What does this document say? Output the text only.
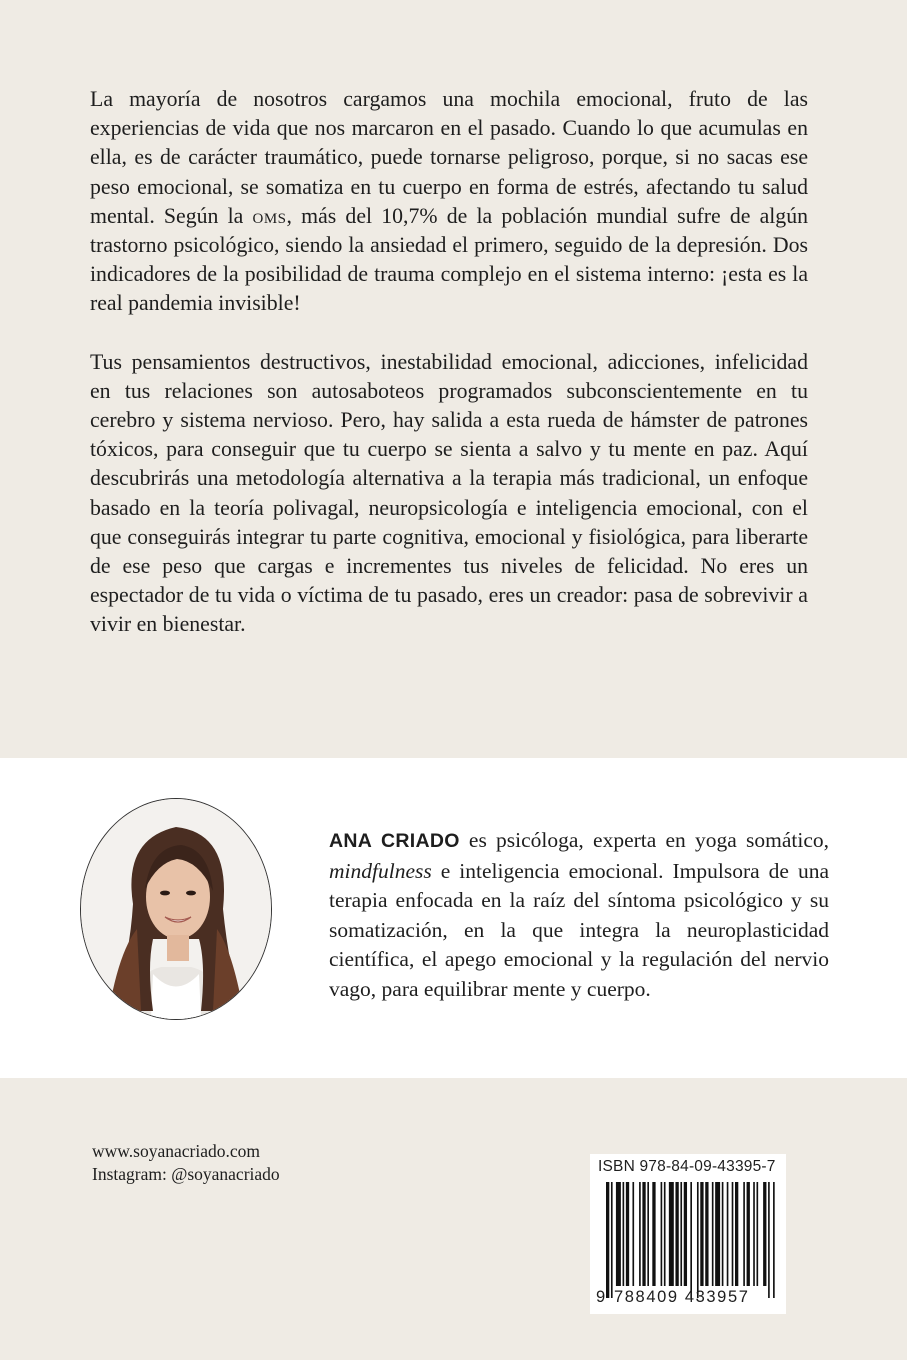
La mayoría de nosotros cargamos una mochila emocional, fruto de las experiencias de vida que nos marcaron en el pasado. Cuando lo que acumulas en ella, es de carácter traumático, puede tornarse peligroso, porque, si no sacas ese peso emocional, se somatiza en tu cuerpo en forma de estrés, afectando tu salud mental. Según la oms, más del 10,7% de la población mundial sufre de algún trastorno psicológico, siendo la ansiedad el primero, seguido de la depresión. Dos indicadores de la posibilidad de trauma complejo en el sistema interno: ¡esta es la real pandemia invisible!

Tus pensamientos destructivos, inestabilidad emocional, adicciones, infelicidad en tus relaciones son autosaboteos programados subconscientemente en tu cerebro y sistema nervioso. Pero, hay salida a esta rueda de hámster de patrones tóxicos, para conseguir que tu cuerpo se sienta a salvo y tu mente en paz. Aquí descubrirás una metodología alternativa a la terapia más tradicional, un enfoque basado en la teoría polivagal, neuropsicología e inteligencia emocional, con el que conseguirás integrar tu parte cognitiva, emocional y fisiológica, para liberarte de ese peso que cargas e incrementes tus niveles de felicidad. No eres un espectador de tu vida o víctima de tu pasado, eres un creador: pasa de sobrevivir a vivir en bienestar.

ANA CRIADO es psicóloga, experta en yoga somático, mindfulness e inteligencia emocional. Impulsora de una terapia enfocada en la raíz del síntoma psicológico y su somatización, en la que integra la neuroplasticidad científica, el apego emocional y la regulación del nervio vago, para equilibrar mente y cuerpo.
www.soyanacriado.com
Instagram: @soyanacriado	ISBN 978-84-09-43395-7
9 788409 433957
